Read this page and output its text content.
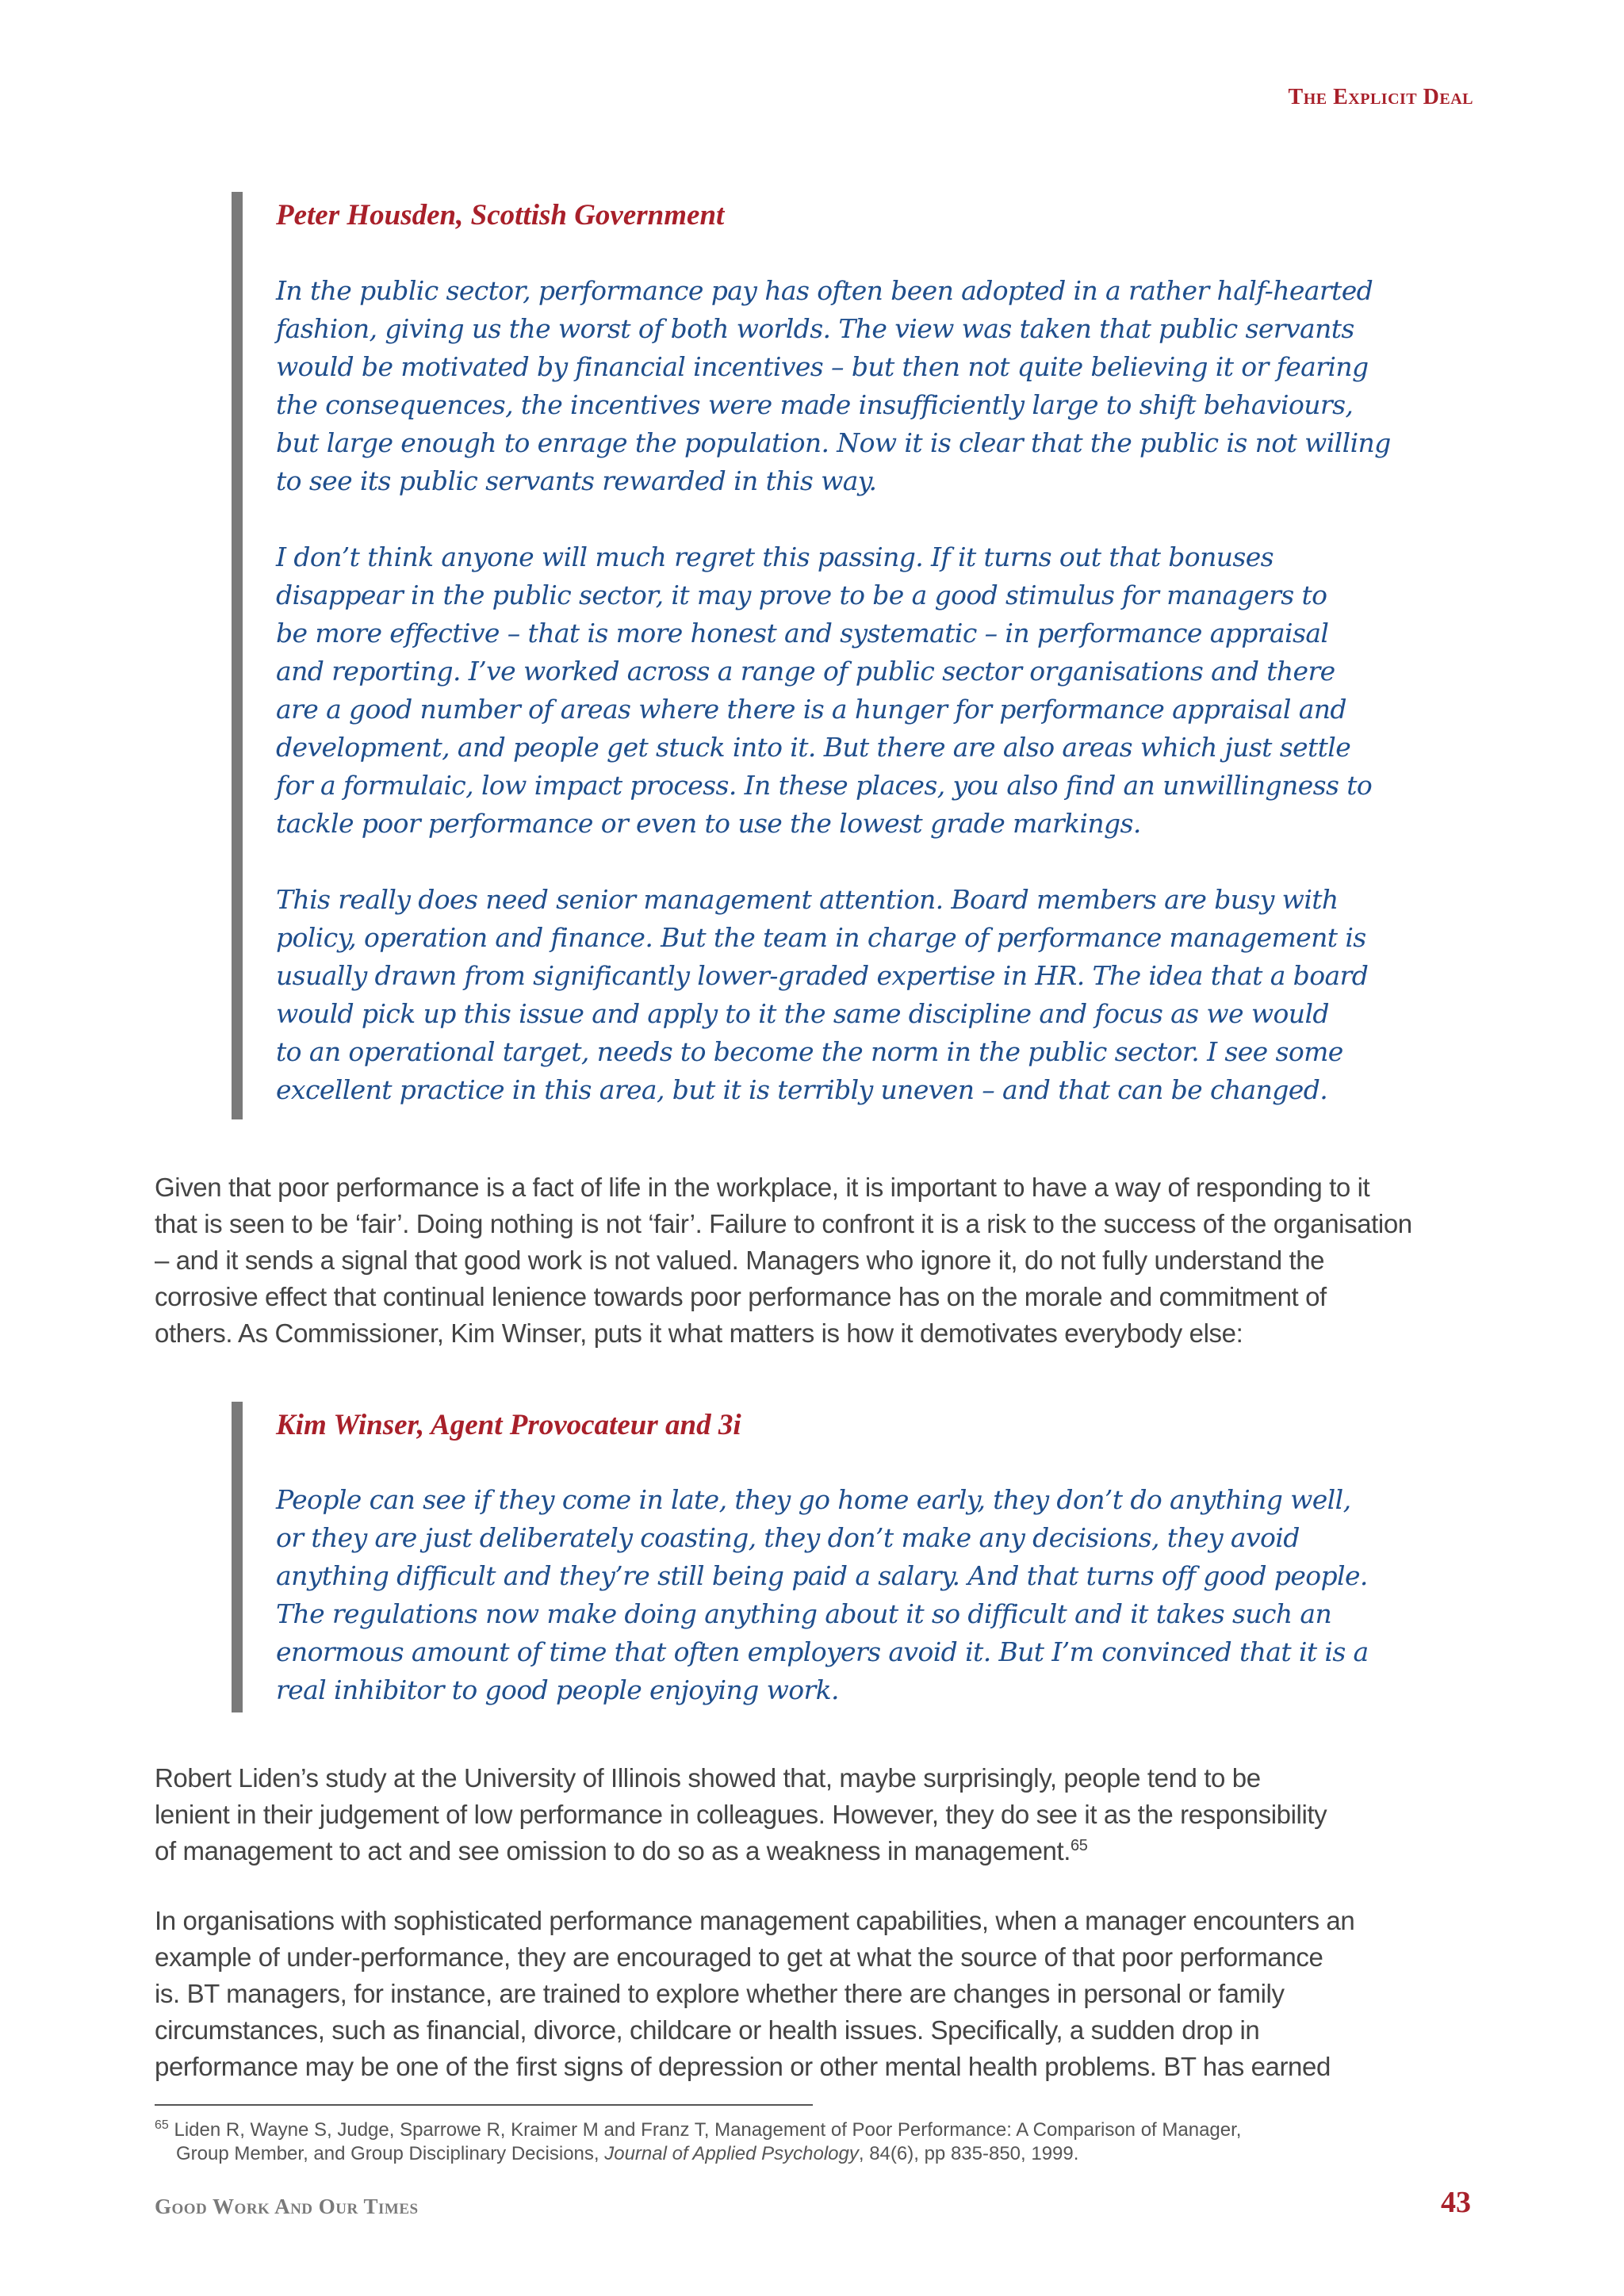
The Explicit Deal
Peter Housden, Scottish Government
In the public sector, performance pay has often been adopted in a rather half-hearted
fashion, giving us the worst of both worlds. The view was taken that public servants
would be motivated by financial incentives – but then not quite believing it or fearing
the consequences, the incentives were made insufficiently large to shift behaviours,
but large enough to enrage the population. Now it is clear that the public is not willing
to see its public servants rewarded in this way.
I don’t think anyone will much regret this passing. If it turns out that bonuses
disappear in the public sector, it may prove to be a good stimulus for managers to
be more effective – that is more honest and systematic – in performance appraisal
and reporting. I’ve worked across a range of public sector organisations and there
are a good number of areas where there is a hunger for performance appraisal and
development, and people get stuck into it. But there are also areas which just settle
for a formulaic, low impact process. In these places, you also find an unwillingness to
tackle poor performance or even to use the lowest grade markings.
This really does need senior management attention. Board members are busy with
policy, operation and finance. But the team in charge of performance management is
usually drawn from significantly lower-graded expertise in HR. The idea that a board
would pick up this issue and apply to it the same discipline and focus as we would
to an operational target, needs to become the norm in the public sector. I see some
excellent practice in this area, but it is terribly uneven – and that can be changed.
Given that poor performance is a fact of life in the workplace, it is important to have a way of responding to it
that is seen to be ‘fair’. Doing nothing is not ‘fair’. Failure to confront it is a risk to the success of the organisation
– and it sends a signal that good work is not valued. Managers who ignore it, do not fully understand the
corrosive effect that continual lenience towards poor performance has on the morale and commitment of
others. As Commissioner, Kim Winser, puts it what matters is how it demotivates everybody else:
Kim Winser, Agent Provocateur and 3i
People can see if they come in late, they go home early, they don’t do anything well,
or they are just deliberately coasting, they don’t make any decisions, they avoid
anything difficult and they’re still being paid a salary. And that turns off good people.
The regulations now make doing anything about it so difficult and it takes such an
enormous amount of time that often employers avoid it. But I’m convinced that it is a
real inhibitor to good people enjoying work.
Robert Liden’s study at the University of Illinois showed that, maybe surprisingly, people tend to be
lenient in their judgement of low performance in colleagues. However, they do see it as the responsibility
of management to act and see omission to do so as a weakness in management.$^{65}$
In organisations with sophisticated performance management capabilities, when a manager encounters an
example of under-performance, they are encouraged to get at what the source of that poor performance
is. BT managers, for instance, are trained to explore whether there are changes in personal or family
circumstances, such as financial, divorce, childcare or health issues. Specifically, a sudden drop in
performance may be one of the first signs of depression or other mental health problems. BT has earned
$^{65}$ Liden R, Wayne S, Judge, Sparrowe R, Kraimer M and Franz T, Management of Poor Performance: A Comparison of Manager,
Group Member, and Group Disciplinary Decisions, Journal of Applied Psychology, 84(6), pp 835-850, 1999.
Good Work And Our Times	43
